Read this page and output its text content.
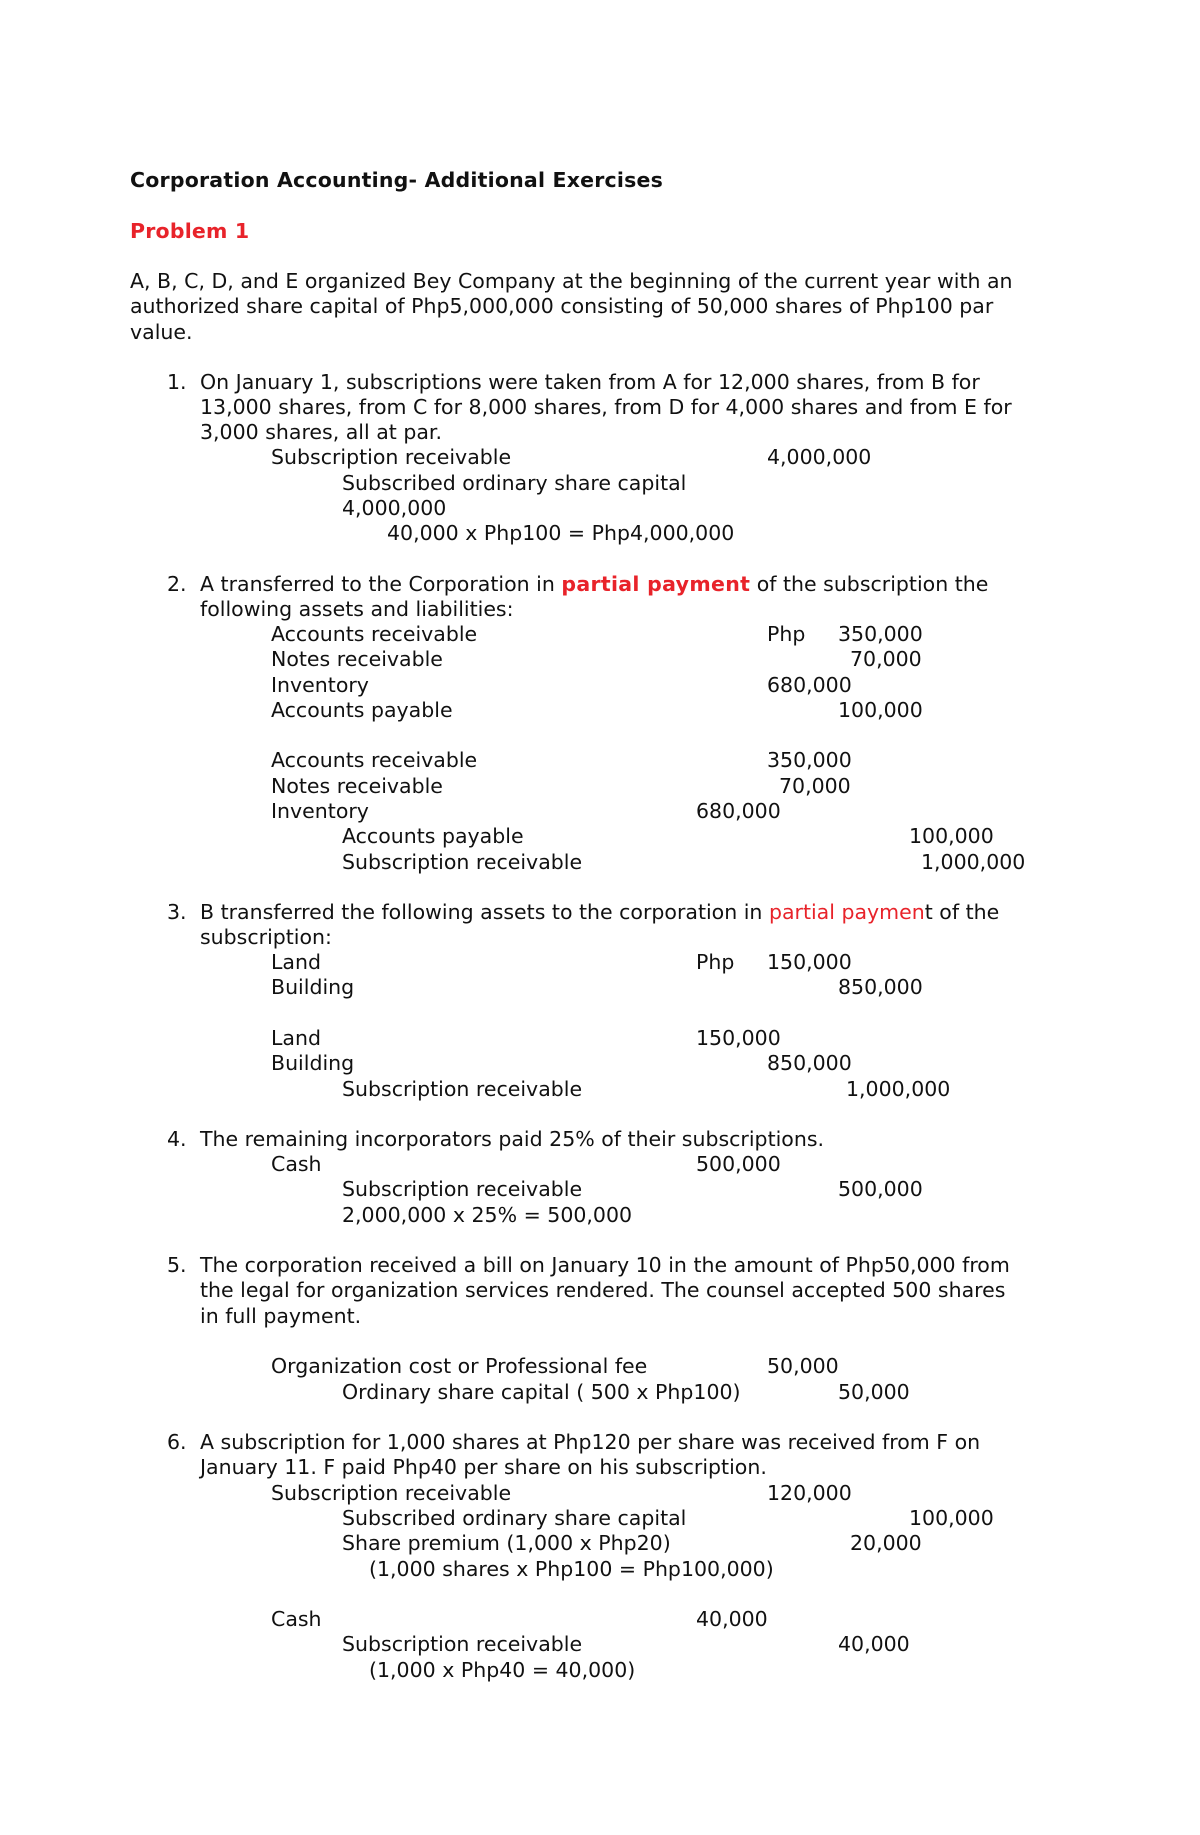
Corporation Accounting- Additional Exercises
Problem 1
A, B, C, D, and E organized Bey Company at the beginning of the current year with an
authorized share capital of Php5,000,000 consisting of 50,000 shares of Php100 par
value.
1. On January 1, subscriptions were taken from A for 12,000 shares, from B for
13,000 shares, from C for 8,000 shares, from D for 4,000 shares and from E for
3,000 shares, all at par.
Subscription receivable	4,000,000
Subscribed ordinary share capital
4,000,000
40,000 x Php100 = Php4,000,000
2. A transferred to the Corporation in partial payment of the subscription the
following assets and liabilities:
Accounts receivable	Php 350,000
Notes receivable	70,000
Inventory	680,000
Accounts payable	100,000
Accounts receivable	350,000
Notes receivable	70,000
Inventory	680,000
Accounts payable	100,000
Subscription receivable	1,000,000
3. B transferred the following assets to the corporation in partial payment of the
subscription:
Land	Php 150,000
Building	850,000
Land	150,000
Building	850,000
Subscription receivable	1,000,000
4. The remaining incorporators paid 25% of their subscriptions.
Cash	500,000
Subscription receivable	500,000
2,000,000 x 25% = 500,000
5. The corporation received a bill on January 10 in the amount of Php50,000 from
the legal for organization services rendered. The counsel accepted 500 shares
in full payment.
Organization cost or Professional fee	50,000
Ordinary share capital ( 500 x Php100)	50,000
6. A subscription for 1,000 shares at Php120 per share was received from F on
January 11. F paid Php40 per share on his subscription.
Subscription receivable	120,000
Subscribed ordinary share capital	100,000
Share premium (1,000 x Php20)	20,000
(1,000 shares x Php100 = Php100,000)
Cash	40,000
Subscription receivable	40,000
(1,000 x Php40 = 40,000)
